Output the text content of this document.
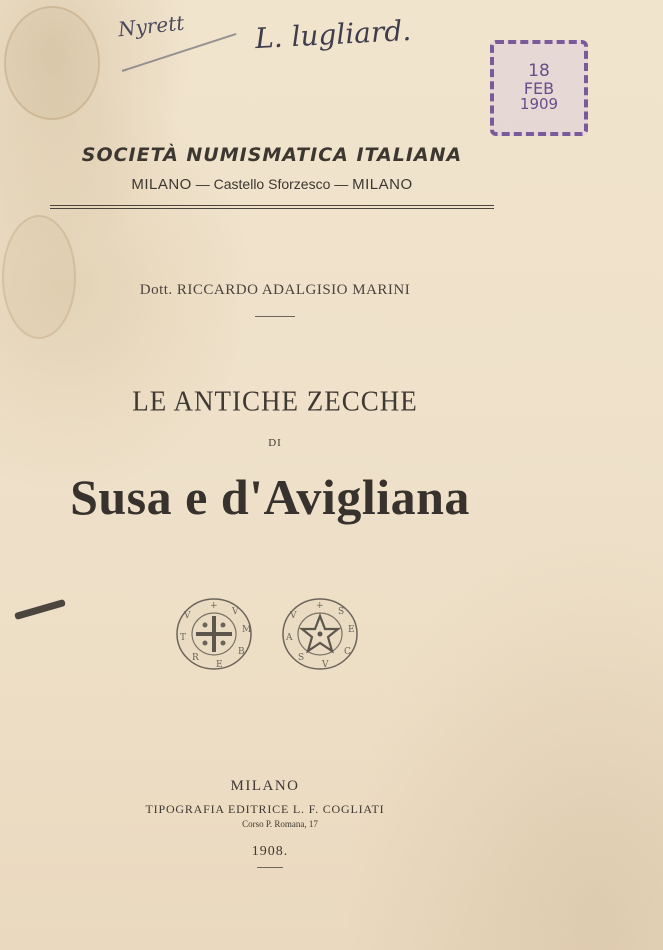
Nyrett L. lugliard.
18
FEB
1909
SOCIETÀ NUMISMATICA ITALIANA
MILANO — Castello Sforzesco — MILANO
Dott. RICCARDO ADALGISIO MARINI
LE ANTICHE ZECCHE
DI
Susa e d'Avigliana
+
V
M
B
E
R
T
V
+
S
E
C
V
S
A
V
MILANO
TIPOGRAFIA EDITRICE L. F. COGLIATI
Corso P. Romana, 17
1908.
